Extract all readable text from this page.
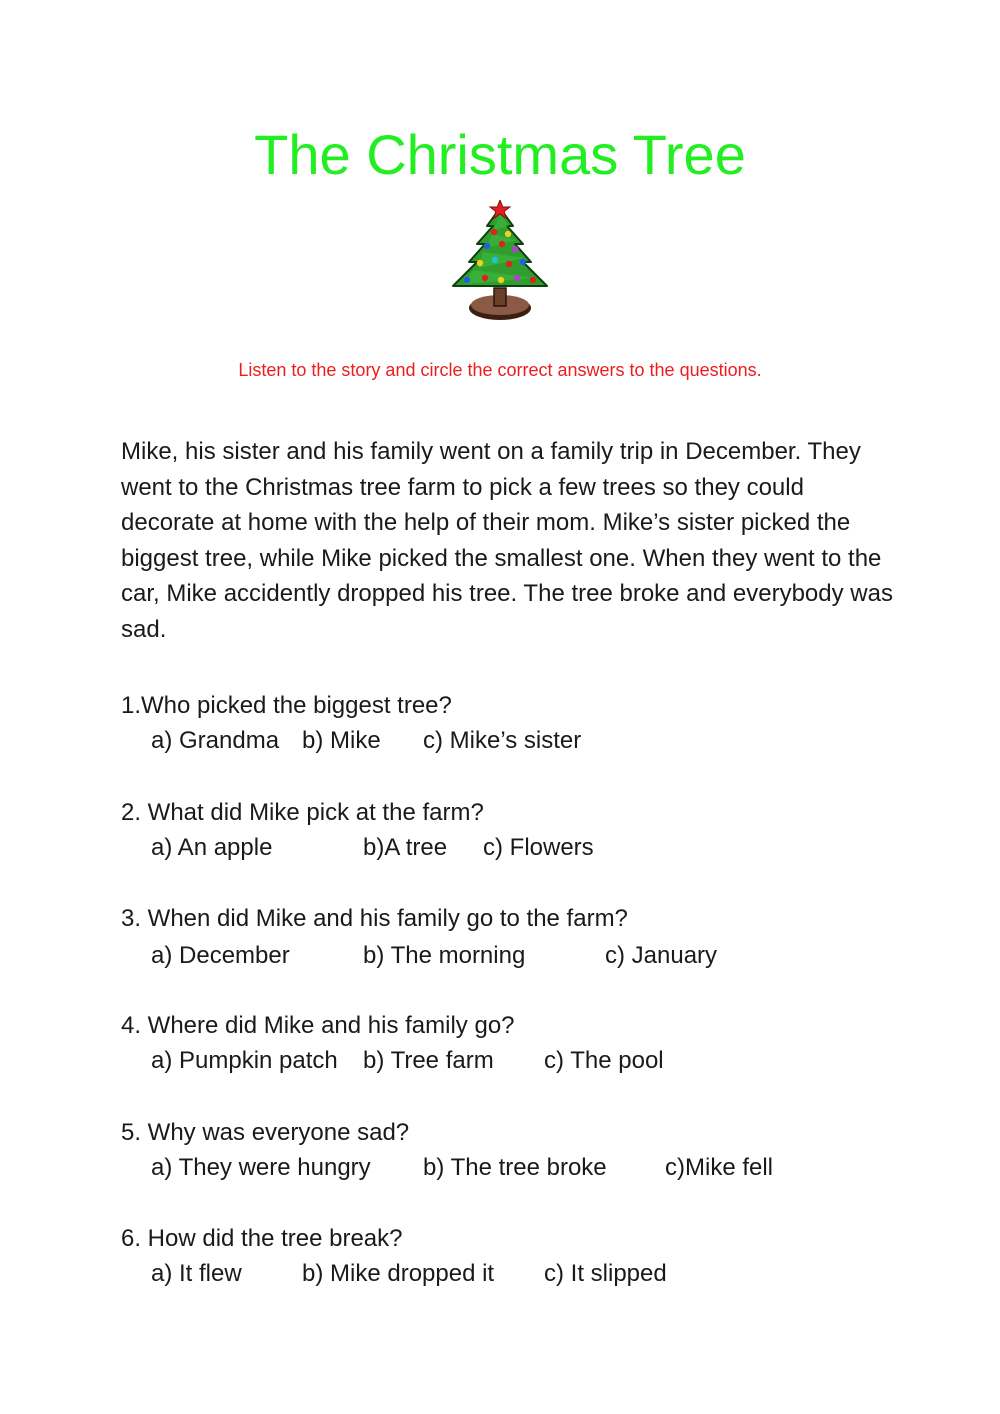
The Christmas Tree
Listen to the story and circle the correct answers to the questions.

Mike, his sister and his family went on a family trip in December. They went to the Christmas tree farm to pick a few trees so they could decorate at home with the help of their mom. Mike’s sister picked the biggest tree, while Mike picked the smallest one. When they went to the car, Mike accidently dropped his tree. The tree broke and everybody was sad.

1.Who picked the biggest tree?
a) Grandma b) Mike c) Mike’s sister
2. What did Mike pick at the farm?
a) An apple	b)A tree c) Flowers
3. When did Mike and his family go to the farm?
a) December	b) The morning	c) January
4. Where did Mike and his family go?
a) Pumpkin patch b) Tree farm c) The pool
5. Why was everyone sad?
a) They were hungry b) The tree broke c)Mike fell
6. How did the tree break?
a) It flew	b) Mike dropped it c) It slipped
